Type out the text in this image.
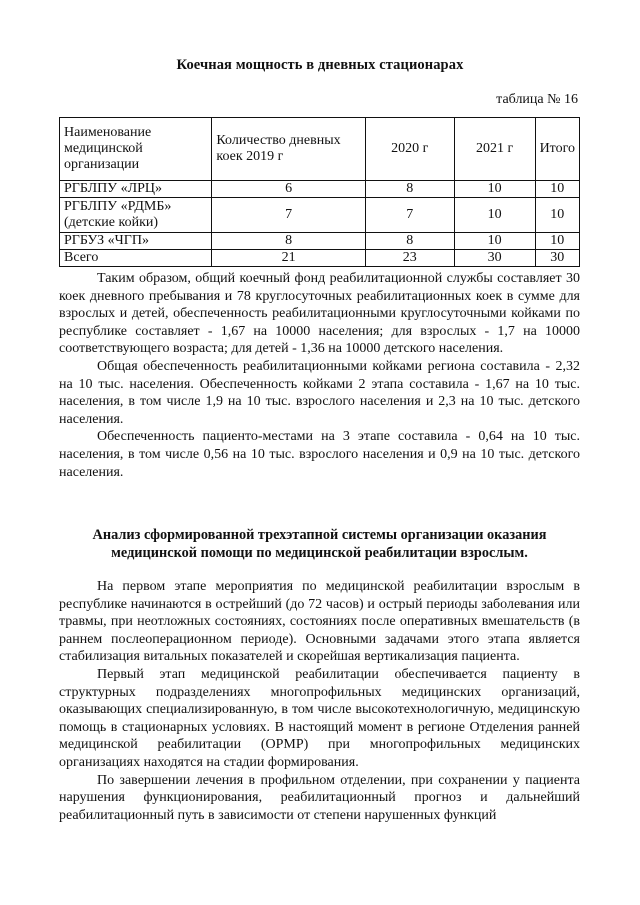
Коечная мощность в дневных стационарах
таблица № 16
Наименование медицинской организации	Количество дневных коек 2019 г	2020 г	2021 г	Итого
РГБЛПУ «ЛРЦ»	6	8	10	10
РГБЛПУ «РДМБ» (детские койки)	7	7	10	10
РГБУЗ «ЧГП»	8	8	10	10
Всего	21	23	30	30

Таким образом, общий коечный фонд реабилитационной службы составляет 30 коек дневного пребывания и 78 круглосуточных реабилитационных коек в сумме для взрослых и детей, обеспеченность реабилитационными круглосуточными койками по республике составляет - 1,67 на 10000 населения; для взрослых - 1,7 на 10000 соответствующего возраста; для детей - 1,36 на 10000 детского населения.

Общая обеспеченность реабилитационными койками региона составила - 2,32 на 10 тыс. населения. Обеспеченность койками 2 этапа составила - 1,67 на 10 тыс. населения, в том числе 1,9 на 10 тыс. взрослого населения и 2,3 на 10 тыс. детского населения.

Обеспеченность пациенто-местами на 3 этапе составила - 0,64 на 10 тыс. населения, в том числе 0,56 на 10 тыс. взрослого населения и 0,9 на 10 тыс. детского населения.

Анализ сформированной трехэтапной системы организации оказания медицинской помощи по медицинской реабилитации взрослым.

На первом этапе мероприятия по медицинской реабилитации взрослым в республике начинаются в острейший (до 72 часов) и острый периоды заболевания или травмы, при неотложных состояниях, состояниях после оперативных вмешательств (в раннем послеоперационном периоде). Основными задачами этого этапа является стабилизация витальных показателей и скорейшая вертикализация пациента.

Первый этап медицинской реабилитации обеспечивается пациенту в структурных подразделениях многопрофильных медицинских организаций, оказывающих специализированную, в том числе высокотехнологичную, медицинскую помощь в стационарных условиях. В настоящий момент в регионе Отделения ранней медицинской реабилитации (ОРМР) при многопрофильных медицинских организациях находятся на стадии формирования.

По завершении лечения в профильном отделении, при сохранении у пациента нарушения функционирования, реабилитационный прогноз и дальнейший реабилитационный путь в зависимости от степени нарушенных функций
